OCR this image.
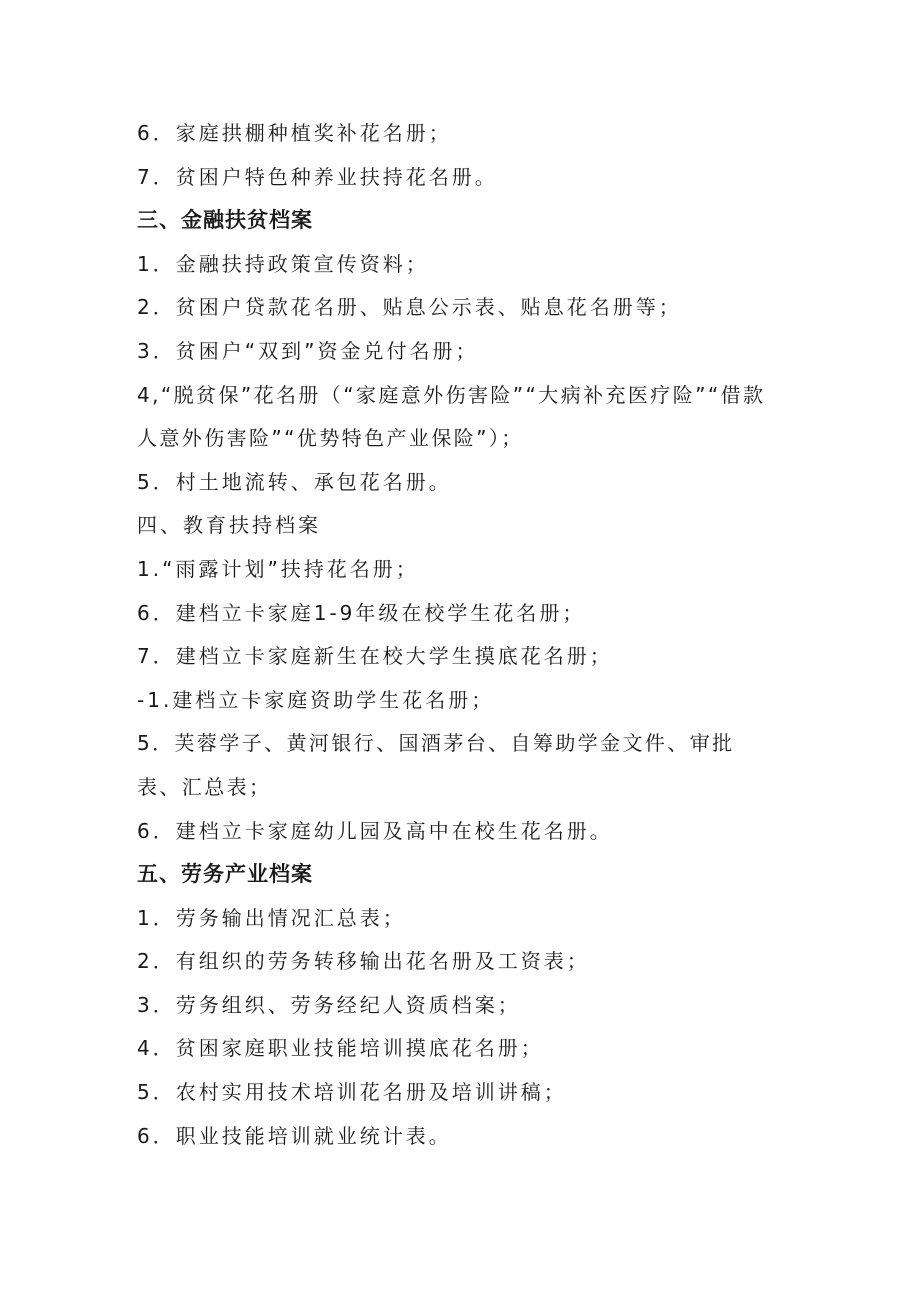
6．家庭拱棚种植奖补花名册；
7．贫困户特色种养业扶持花名册。
三、金融扶贫档案
1．金融扶持政策宣传资料；
2．贫困户贷款花名册、贴息公示表、贴息花名册等；
3．贫困户“双到”资金兑付名册；
4,“脱贫保”花名册（“家庭意外伤害险”“大病补充医疗险”“借款人意外伤害险”“优势特色产业保险”）；
5．村土地流转、承包花名册。
四、教育扶持档案
1.“雨露计划”扶持花名册；
6．建档立卡家庭1-9年级在校学生花名册；
7．建档立卡家庭新生在校大学生摸底花名册；
-1.建档立卡家庭资助学生花名册；
5．芙蓉学子、黄河银行、国酒茅台、自筹助学金文件、审批表、汇总表；
6．建档立卡家庭幼儿园及高中在校生花名册。
五、劳务产业档案
1．劳务输出情况汇总表；
2．有组织的劳务转移输出花名册及工资表；
3．劳务组织、劳务经纪人资质档案；
4．贫困家庭职业技能培训摸底花名册；
5．农村实用技术培训花名册及培训讲稿；
6．职业技能培训就业统计表。
